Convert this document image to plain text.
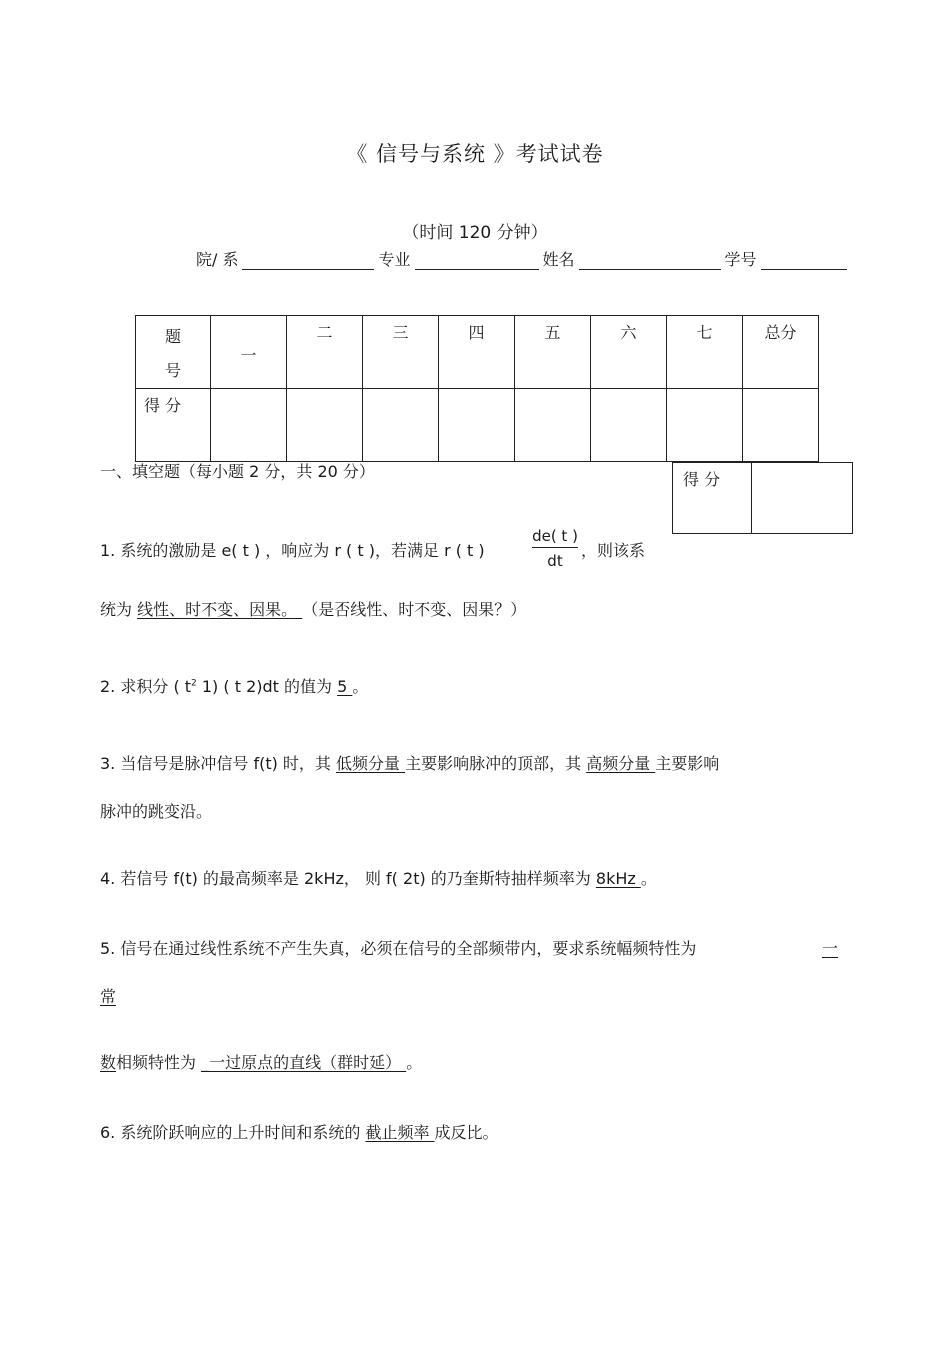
《 信号与系统 》考试试卷
（时间 120 分钟）
院/ 系	专业	姓名	学号
题
号	一	二	三	四	五	六	七	总分
得 分								
一、填空题（每小题 2 分，共 20 分）	得 分	
1. 系统的激励是 e( t ) ，响应为 r ( t )，若满足 r ( t )	$\frac{de( t )}{dt}$ ，则该系
统为 线性、时不变、因果。 （是否线性、时不变、因果？）
2. 求积分 ( $t^2$ 1) ( t 2)dt 的值为 5 。
3. 当信号是脉冲信号 f(t) 时，其 低频分量 主要影响脉冲的顶部，其 高频分量 主要影响
脉冲的跳变沿。
4. 若信号 f(t) 的最高频率是 2kHz， 则 f( 2t) 的乃奎斯特抽样频率为 8kHz 。
5. 信号在通过线性系统不产生失真，必须在信号的全部频带内，要求系统幅频特性为	一
常
数相频特性为 _一过原点的直线（群时延） 。
6. 系统阶跃响应的上升时间和系统的 截止频率 成反比。
